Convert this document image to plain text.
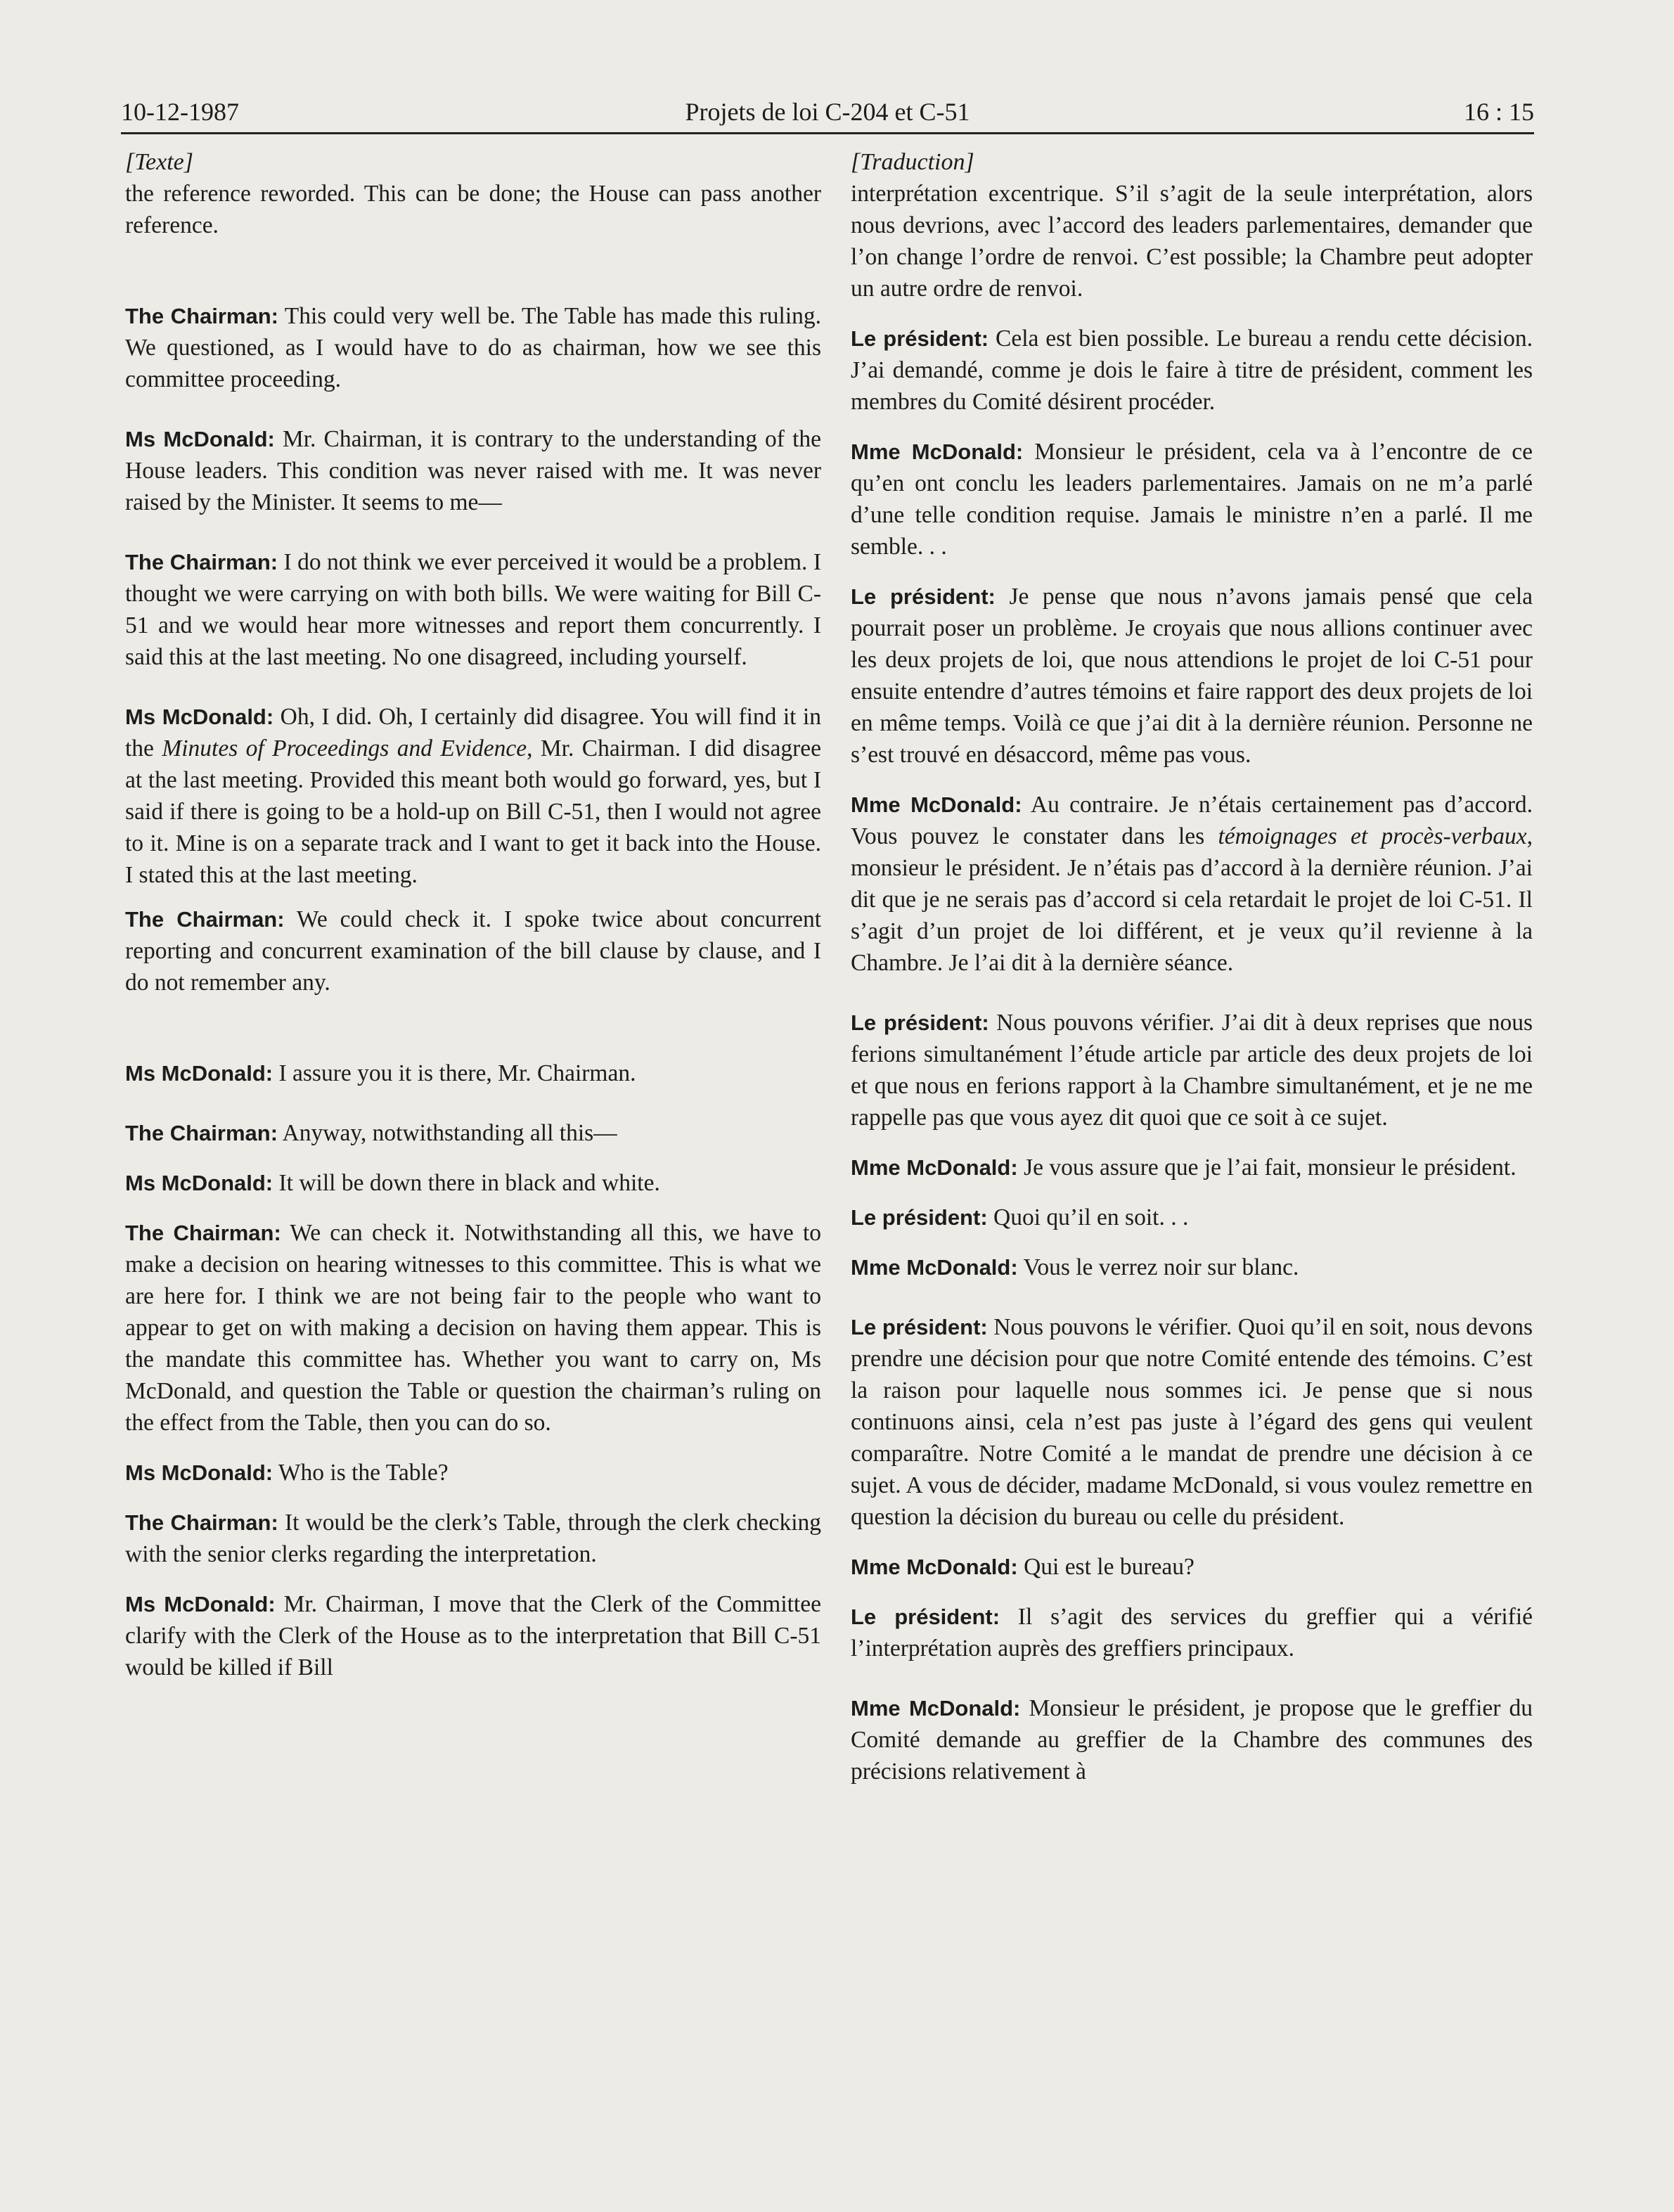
10-12-1987	Projets de loi C-204 et C-51	16 : 15

[Texte]

the reference reworded. This can be done; the House can pass another reference.

The Chairman: This could very well be. The Table has made this ruling. We questioned, as I would have to do as chairman, how we see this committee proceeding.

Ms McDonald: Mr. Chairman, it is contrary to the understanding of the House leaders. This condition was never raised with me. It was never raised by the Minister. It seems to me—

The Chairman: I do not think we ever perceived it would be a problem. I thought we were carrying on with both bills. We were waiting for Bill C-51 and we would hear more witnesses and report them concurrently. I said this at the last meeting. No one disagreed, including yourself.

Ms McDonald: Oh, I did. Oh, I certainly did disagree. You will find it in the Minutes of Proceedings and Evidence, Mr. Chairman. I did disagree at the last meeting. Provided this meant both would go forward, yes, but I said if there is going to be a hold-up on Bill C-51, then I would not agree to it. Mine is on a separate track and I want to get it back into the House. I stated this at the last meeting.

The Chairman: We could check it. I spoke twice about concurrent reporting and concurrent examination of the bill clause by clause, and I do not remember any.

Ms McDonald: I assure you it is there, Mr. Chairman.

The Chairman: Anyway, notwithstanding all this—

Ms McDonald: It will be down there in black and white.

The Chairman: We can check it. Notwithstanding all this, we have to make a decision on hearing witnesses to this committee. This is what we are here for. I think we are not being fair to the people who want to appear to get on with making a decision on having them appear. This is the mandate this committee has. Whether you want to carry on, Ms McDonald, and question the Table or question the chairman’s ruling on the effect from the Table, then you can do so.

Ms McDonald: Who is the Table?

The Chairman: It would be the clerk’s Table, through the clerk checking with the senior clerks regarding the interpretation.

Ms McDonald: Mr. Chairman, I move that the Clerk of the Committee clarify with the Clerk of the House as to the interpretation that Bill C-51 would be killed if Bill

[Traduction]

interprétation excentrique. S’il s’agit de la seule interprétation, alors nous devrions, avec l’accord des leaders parlementaires, demander que l’on change l’ordre de renvoi. C’est possible; la Chambre peut adopter un autre ordre de renvoi.

Le président: Cela est bien possible. Le bureau a rendu cette décision. J’ai demandé, comme je dois le faire à titre de président, comment les membres du Comité désirent procéder.

Mme McDonald: Monsieur le président, cela va à l’encontre de ce qu’en ont conclu les leaders parlementaires. Jamais on ne m’a parlé d’une telle condition requise. Jamais le ministre n’en a parlé. Il me semble. . .

Le président: Je pense que nous n’avons jamais pensé que cela pourrait poser un problème. Je croyais que nous allions continuer avec les deux projets de loi, que nous attendions le projet de loi C-51 pour ensuite entendre d’autres témoins et faire rapport des deux projets de loi en même temps. Voilà ce que j’ai dit à la dernière réunion. Personne ne s’est trouvé en désaccord, même pas vous.

Mme McDonald: Au contraire. Je n’étais certainement pas d’accord. Vous pouvez le constater dans les témoignages et procès-verbaux, monsieur le président. Je n’étais pas d’accord à la dernière réunion. J’ai dit que je ne serais pas d’accord si cela retardait le projet de loi C-51. Il s’agit d’un projet de loi différent, et je veux qu’il revienne à la Chambre. Je l’ai dit à la dernière séance.

Le président: Nous pouvons vérifier. J’ai dit à deux reprises que nous ferions simultanément l’étude article par article des deux projets de loi et que nous en ferions rapport à la Chambre simultanément, et je ne me rappelle pas que vous ayez dit quoi que ce soit à ce sujet.

Mme McDonald: Je vous assure que je l’ai fait, monsieur le président.

Le président: Quoi qu’il en soit. . .

Mme McDonald: Vous le verrez noir sur blanc.

Le président: Nous pouvons le vérifier. Quoi qu’il en soit, nous devons prendre une décision pour que notre Comité entende des témoins. C’est la raison pour laquelle nous sommes ici. Je pense que si nous continuons ainsi, cela n’est pas juste à l’égard des gens qui veulent comparaître. Notre Comité a le mandat de prendre une décision à ce sujet. A vous de décider, madame McDonald, si vous voulez remettre en question la décision du bureau ou celle du président.

Mme McDonald: Qui est le bureau?

Le président: Il s’agit des services du greffier qui a vérifié l’interprétation auprès des greffiers principaux.

Mme McDonald: Monsieur le président, je propose que le greffier du Comité demande au greffier de la Chambre des communes des précisions relativement à
